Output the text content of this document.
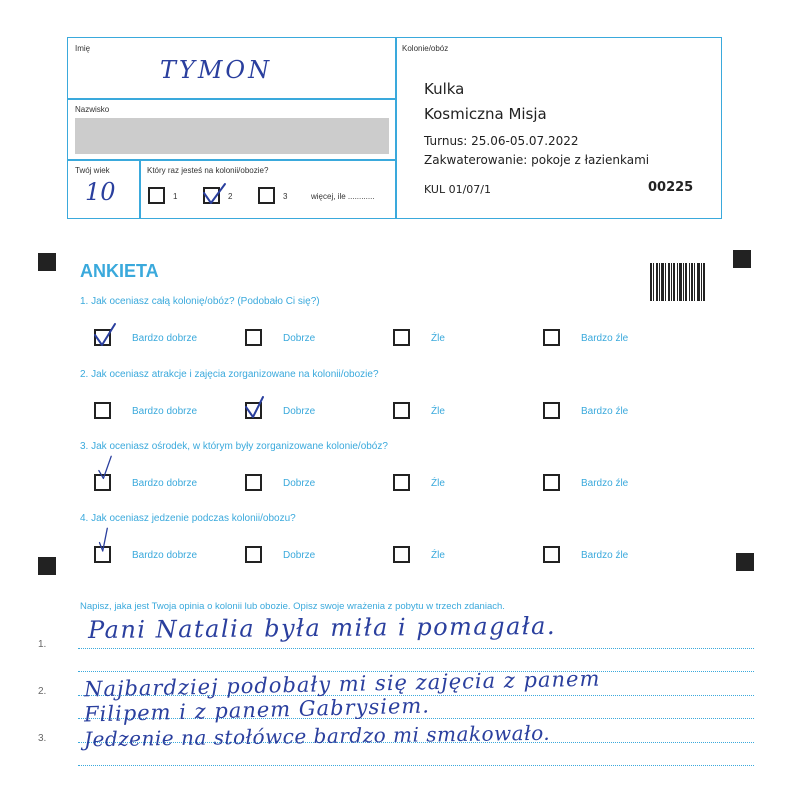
Imię
TYMON
Nazwisko
Twój wiek
10
Który raz jesteś na kolonii/obozie?
1	2	3	więcej, ile ............
Kolonie/obóz
Kulka
Kosmiczna Misja
Turnus: 25.06-05.07.2022
Zakwaterowanie: pokoje z łazienkami
KUL 01/07/1	00225
ANKIETA
1. Jak oceniasz całą kolonię/obóz? (Podobało Ci się?)
Bardzo dobrze	Dobrze	Źle	Bardzo źle
2. Jak oceniasz atrakcje i zajęcia zorganizowane na kolonii/obozie?
Bardzo dobrze	Dobrze	Źle	Bardzo źle
3. Jak oceniasz ośrodek, w którym były zorganizowane kolonie/obóz?
Bardzo dobrze	Dobrze	Źle	Bardzo źle
4. Jak oceniasz jedzenie podczas kolonii/obozu?
Bardzo dobrze	Dobrze	Źle	Bardzo źle
Napisz, jaka jest Twoja opinia o kolonii lub obozie. Opisz swoje wrażenia z pobytu w trzech zdaniach.
1.
2.
3.
Pani Natalia była miła i pomagała.
Najbardziej podobały mi się zajęcia z panem
Filipem i z panem Gabrysiem.
Jedzenie na stołówce bardzo mi smakowało.
